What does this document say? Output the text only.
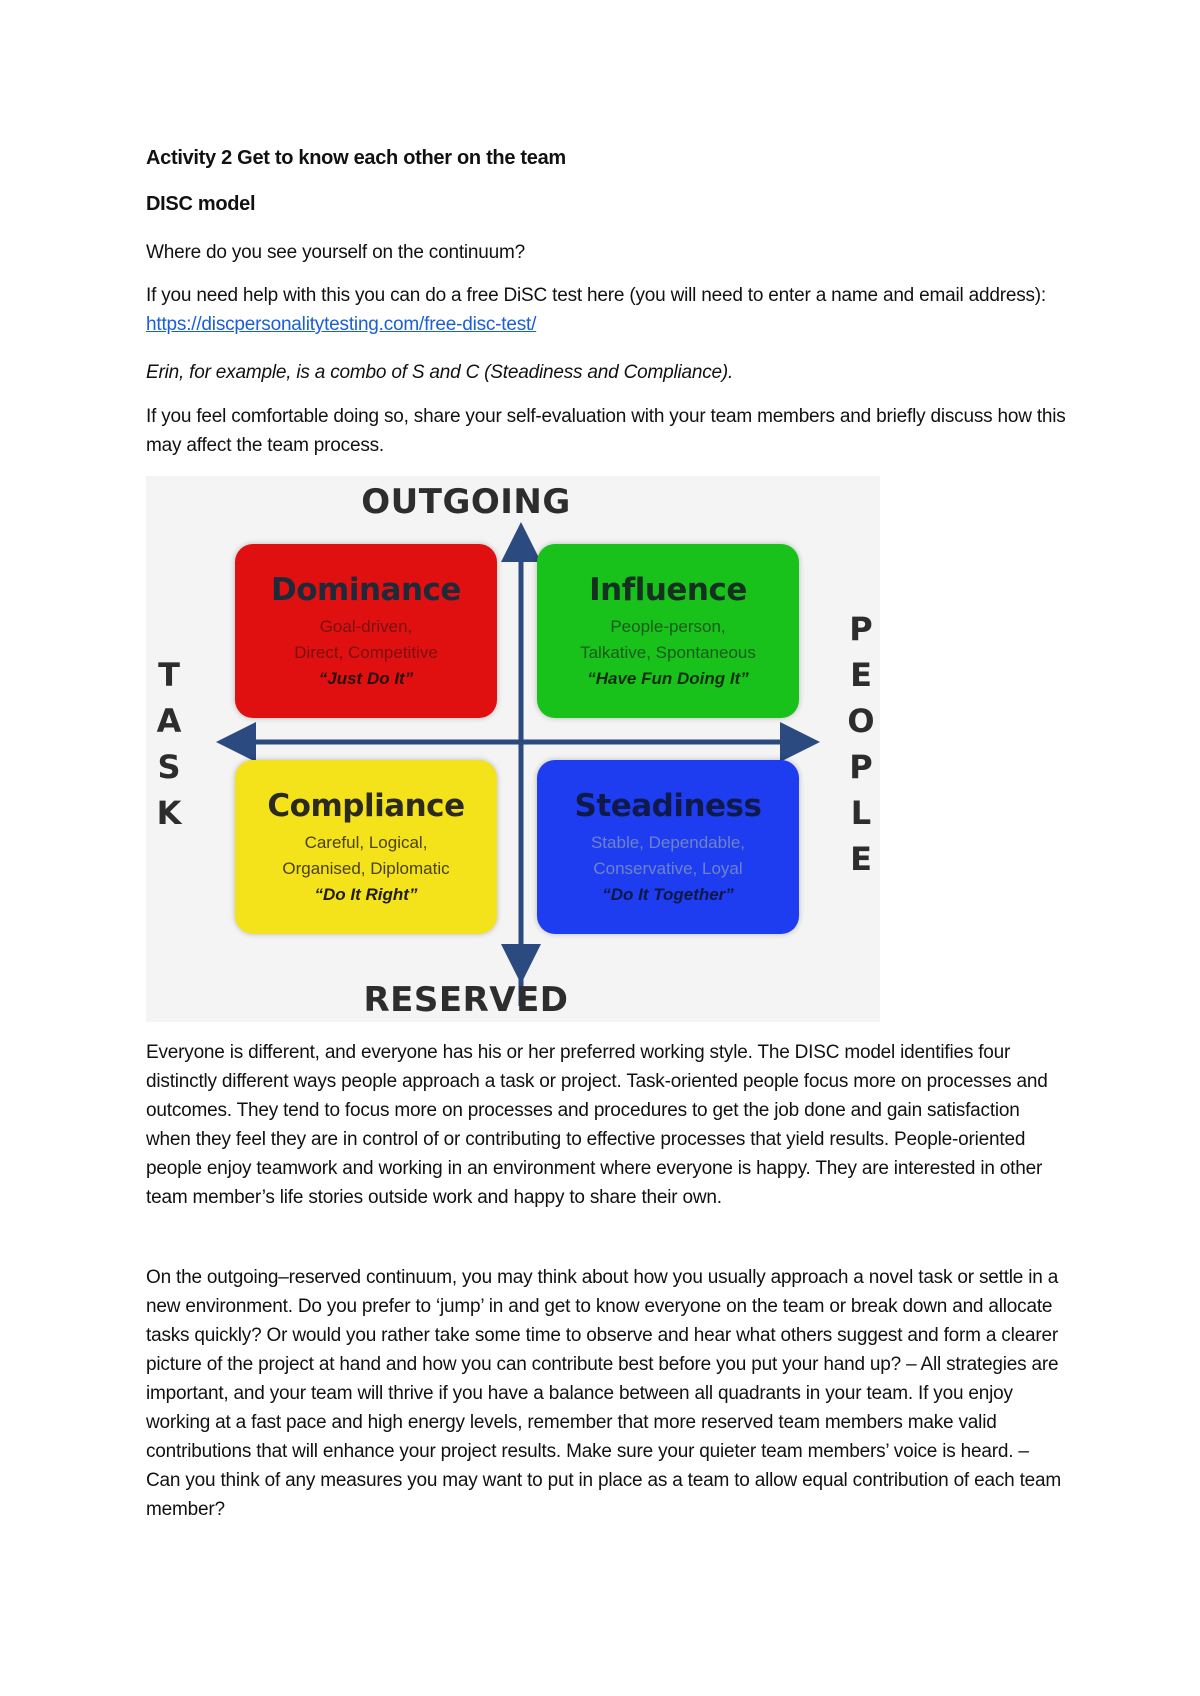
Activity 2 Get to know each other on the team
DISC model
Where do you see yourself on the continuum?
If you need help with this you can do a free DiSC test here (you will need to enter a name and email address): https://discpersonalitytesting.com/free-disc-test/
Erin, for example, is a combo of S and C (Steadiness and Compliance).
If you feel comfortable doing so, share your self-evaluation with your team members and briefly discuss how this may affect the team process.
Everyone is different, and everyone has his or her preferred working style. The DISC model identifies four distinctly different ways people approach a task or project. Task-oriented people focus more on processes and outcomes. They tend to focus more on processes and procedures to get the job done and gain satisfaction when they feel they are in control of or contributing to effective processes that yield results. People-oriented people enjoy teamwork and working in an environment where everyone is happy. They are interested in other team member’s life stories outside work and happy to share their own.
On the outgoing–reserved continuum, you may think about how you usually approach a novel task or settle in a new environment. Do you prefer to ‘jump’ in and get to know everyone on the team or break down and allocate tasks quickly? Or would you rather take some time to observe and hear what others suggest and form a clearer picture of the project at hand and how you can contribute best before you put your hand up? – All strategies are important, and your team will thrive if you have a balance between all quadrants in your team. If you enjoy working at a fast pace and high energy levels, remember that more reserved team members make valid contributions that will enhance your project results. Make sure your quieter team members’ voice is heard. – Can you think of any measures you may want to put in place as a team to allow equal contribution of each team member?
OUTGOING
RESERVED
T
A
S
K
P
E
O
P
L
E
Dominance
Goal-driven,
Direct, Competitive
“Just Do It”
Influence
People-person,
Talkative, Spontaneous
“Have Fun Doing It”
Compliance
Careful, Logical,
Organised, Diplomatic
“Do It Right”
Steadiness
Stable, Dependable,
Conservative, Loyal
“Do It Together”
